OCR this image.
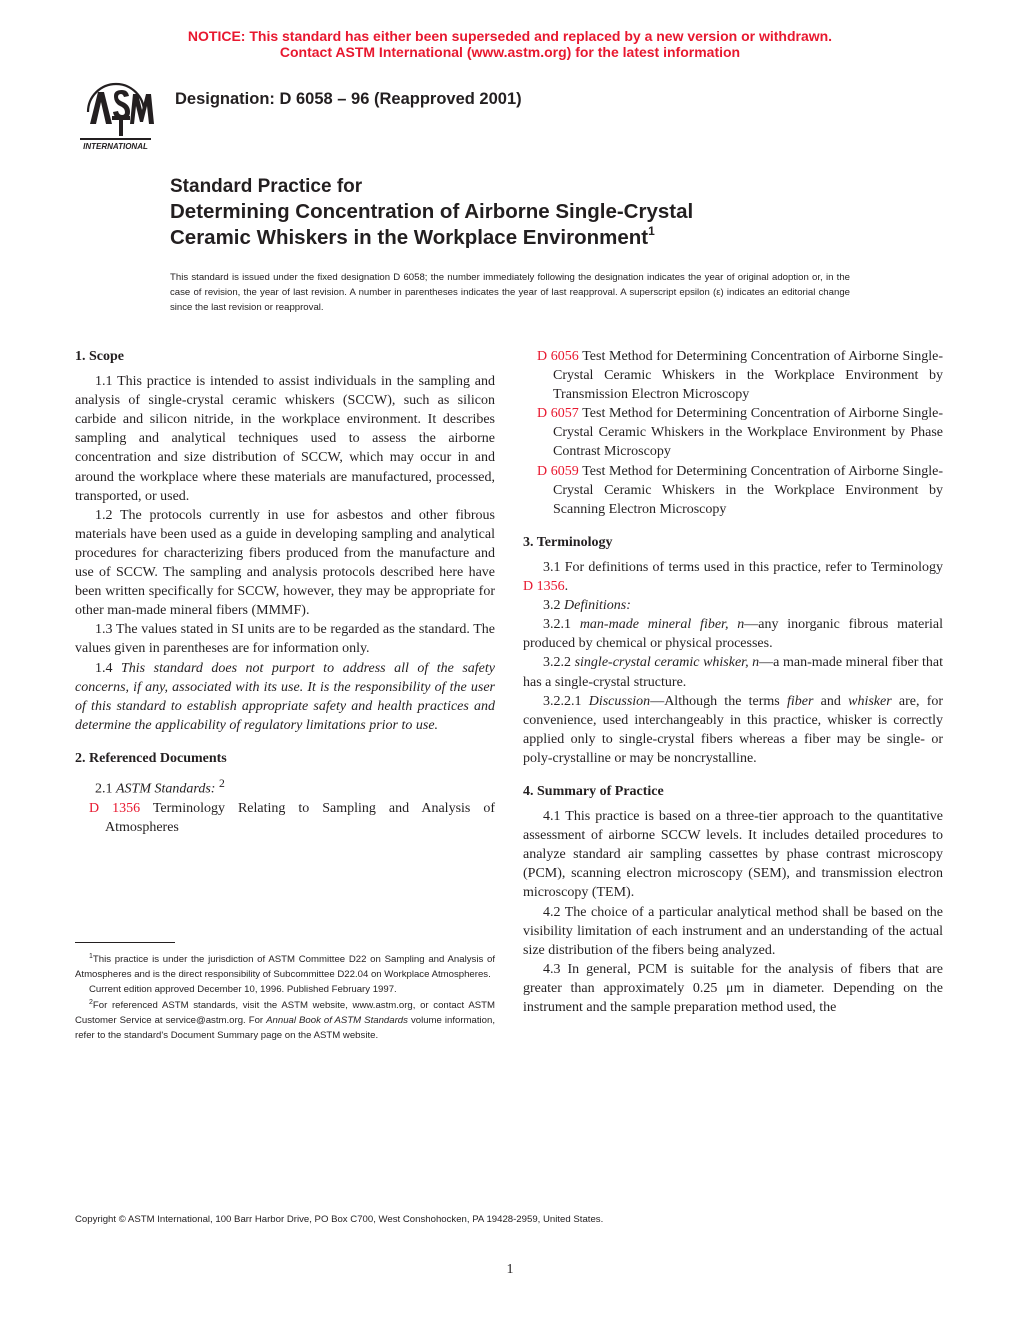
NOTICE: This standard has either been superseded and replaced by a new version or withdrawn.
Contact ASTM International (www.astm.org) for the latest information
INTERNATIONAL
Designation: D 6058 – 96 (Reapproved 2001)
Standard Practice for
Determining Concentration of Airborne Single-Crystal
Ceramic Whiskers in the Workplace Environment$^1$
This standard is issued under the fixed designation D 6058; the number immediately following the designation indicates the year of original adoption or, in the case of revision, the year of last revision. A number in parentheses indicates the year of last reapproval. A superscript epsilon (ε) indicates an editorial change since the last revision or reapproval.
1. Scope

1.1 This practice is intended to assist individuals in the sampling and analysis of single-crystal ceramic whiskers (SCCW), such as silicon carbide and silicon nitride, in the workplace environment. It describes sampling and analytical techniques used to assess the airborne concentration and size distribution of SCCW, which may occur in and around the workplace where these materials are manufactured, processed, transported, or used.

1.2 The protocols currently in use for asbestos and other fibrous materials have been used as a guide in developing sampling and analytical procedures for characterizing fibers produced from the manufacture and use of SCCW. The sampling and analysis protocols described here have been written specifically for SCCW, however, they may be appropriate for other man-made mineral fibers (MMMF).

1.3 The values stated in SI units are to be regarded as the standard. The values given in parentheses are for information only.

1.4 This standard does not purport to address all of the safety concerns, if any, associated with its use. It is the responsibility of the user of this standard to establish appropriate safety and health practices and determine the applicability of regulatory limitations prior to use.

2. Referenced Documents

2.1 ASTM Standards: $^2$

D 1356 Terminology Relating to Sampling and Analysis of Atmospheres

D 6056 Test Method for Determining Concentration of Airborne Single-Crystal Ceramic Whiskers in the Workplace Environment by Transmission Electron Microscopy

D 6057 Test Method for Determining Concentration of Airborne Single-Crystal Ceramic Whiskers in the Workplace Environment by Phase Contrast Microscopy

D 6059 Test Method for Determining Concentration of Airborne Single-Crystal Ceramic Whiskers in the Workplace Environment by Scanning Electron Microscopy

3. Terminology

3.1 For definitions of terms used in this practice, refer to Terminology D 1356.

3.2 Definitions:

3.2.1 man-made mineral fiber, n—any inorganic fibrous material produced by chemical or physical processes.

3.2.2 single-crystal ceramic whisker, n—a man-made mineral fiber that has a single-crystal structure.

3.2.2.1 Discussion—Although the terms fiber and whisker are, for convenience, used interchangeably in this practice, whisker is correctly applied only to single-crystal fibers whereas a fiber may be single- or poly-crystalline or may be noncrystalline.

4. Summary of Practice

4.1 This practice is based on a three-tier approach to the quantitative assessment of airborne SCCW levels. It includes detailed procedures to analyze standard air sampling cassettes by phase contrast microscopy (PCM), scanning electron microscopy (SEM), and transmission electron microscopy (TEM).

4.2 The choice of a particular analytical method shall be based on the visibility limitation of each instrument and an understanding of the actual size distribution of the fibers being analyzed.

4.3 In general, PCM is suitable for the analysis of fibers that are greater than approximately 0.25 μm in diameter. Depending on the instrument and the sample preparation method used, the

$^1$This practice is under the jurisdiction of ASTM Committee D22 on Sampling and Analysis of Atmospheres and is the direct responsibility of Subcommittee D22.04 on Workplace Atmospheres.

Current edition approved December 10, 1996. Published February 1997.

$^2$For referenced ASTM standards, visit the ASTM website, www.astm.org, or contact ASTM Customer Service at service@astm.org. For Annual Book of ASTM Standards volume information, refer to the standard's Document Summary page on the ASTM website.

Copyright © ASTM International, 100 Barr Harbor Drive, PO Box C700, West Conshohocken, PA 19428-2959, United States.
1
